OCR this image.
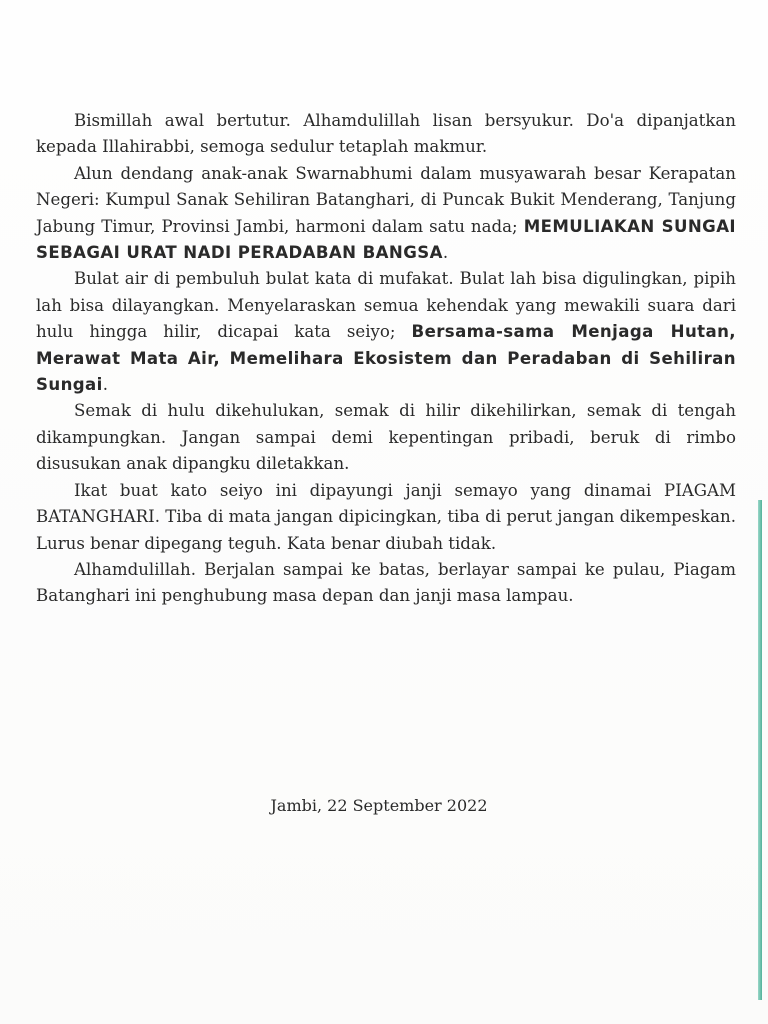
Bismillah awal bertutur. Alhamdulillah lisan bersyukur. Do'a dipanjatkan kepada Illahirabbi, semoga sedulur tetaplah makmur.

Alun dendang anak-anak Swarnabhumi dalam musyawarah besar Kerapatan Negeri: Kumpul Sanak Sehiliran Batanghari, di Puncak Bukit Menderang, Tanjung Jabung Timur, Provinsi Jambi, harmoni dalam satu nada; MEMULIAKAN SUNGAI SEBAGAI URAT NADI PERADABAN BANGSA.

Bulat air di pembuluh bulat kata di mufakat. Bulat lah bisa digulingkan, pipih lah bisa dilayangkan. Menyelaraskan semua kehendak yang mewakili suara dari hulu hingga hilir, dicapai kata seiyo; Bersama-sama Menjaga Hutan, Merawat Mata Air, Memelihara Ekosistem dan Peradaban di Sehiliran Sungai.

Semak di hulu dikehulukan, semak di hilir dikehilirkan, semak di tengah dikampungkan. Jangan sampai demi kepentingan pribadi, beruk di rimbo disusukan anak dipangku diletakkan.

Ikat buat kato seiyo ini dipayungi janji semayo yang dinamai PIAGAM BATANGHARI. Tiba di mata jangan dipicingkan, tiba di perut jangan dikempeskan. Lurus benar dipegang teguh. Kata benar diubah tidak.

Alhamdulillah. Berjalan sampai ke batas, berlayar sampai ke pulau, Piagam Batanghari ini penghubung masa depan dan janji masa lampau.

Jambi, 22 September 2022
